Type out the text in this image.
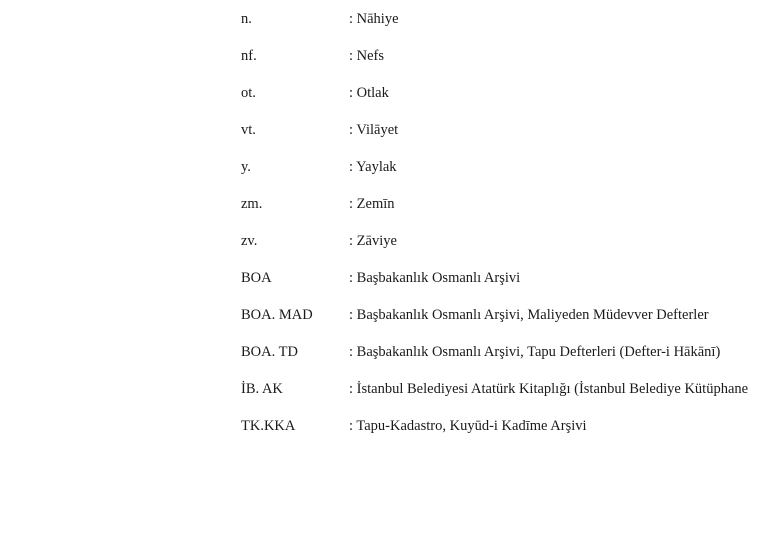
n.	: Nāhiye
nf.	: Nefs
ot.	: Otlak
vt.	: Vilāyet
y.	: Yaylak
zm.	: Zemīn
zv.	: Zāviye
BOA	: Başbakanlık Osmanlı Arşivi
BOA. MAD	: Başbakanlık Osmanlı Arşivi, Maliyeden Müdevver Defterler
BOA. TD	: Başbakanlık Osmanlı Arşivi, Tapu Defterleri (Defter-i Hākānī)
İB. AK	: İstanbul Belediyesi Atatürk Kitaplığı (İstanbul Belediye Kütüphane
TK.KKA	: Tapu-Kadastro, Kuyūd-i Kadīme Arşivi
